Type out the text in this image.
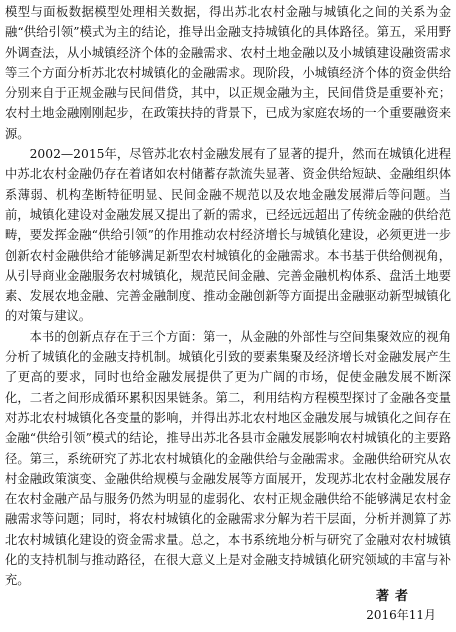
模型与面板数据模型处理相关数据，得出苏北农村金融与城镇化之间的关系为金融“供给引领”模式为主的结论，推导出金融支持城镇化的具体路径。第五，采用野外调查法，从小城镇经济个体的金融需求、农村土地金融以及小城镇建设融资需求等三个方面分析苏北农村城镇化的金融需求。现阶段，小城镇经济个体的资金供给分别来自于正规金融与民间借贷，其中，以正规金融为主，民间借贷是重要补充；农村土地金融刚刚起步，在政策扶持的背景下，已成为家庭农场的一个重要融资来源。

2002—2015年，尽管苏北农村金融发展有了显著的提升，然而在城镇化进程中苏北农村金融仍存在着诸如农村储蓄存款流失显著、资金供给短缺、金融组织体系薄弱、机构垄断特征明显、民间金融不规范以及农地金融发展滞后等问题。当前，城镇化建设对金融发展又提出了新的需求，已经远远超出了传统金融的供给范畴，要发挥金融“供给引领”的作用推动农村经济增长与城镇化建设，必须更进一步创新农村金融供给才能够满足新型农村城镇化的金融需求。本书基于供给侧视角，从引导商业金融服务农村城镇化，规范民间金融、完善金融机构体系、盘活土地要素、发展农地金融、完善金融制度、推动金融创新等方面提出金融驱动新型城镇化的对策与建议。

本书的创新点存在于三个方面：第一，从金融的外部性与空间集聚效应的视角分析了城镇化的金融支持机制。城镇化引致的要素集聚及经济增长对金融发展产生了更高的要求，同时也给金融发展提供了更为广阔的市场，促使金融发展不断深化，二者之间形成循环累积因果链条。第二，利用结构方程模型探讨了金融各变量对苏北农村城镇化各变量的影响，并得出苏北农村地区金融发展与城镇化之间存在金融“供给引领”模式的结论，推导出苏北各县市金融发展影响农村城镇化的主要路径。第三，系统研究了苏北农村城镇化的金融供给与金融需求。金融供给研究从农村金融政策演变、金融供给规模与金融发展等方面展开，发现苏北农村金融发展存在农村金融产品与服务仍然为明显的虚弱化、农村正规金融供给不能够满足农村金融需求等问题；同时，将农村城镇化的金融需求分解为若干层面，分析并测算了苏北农村城镇化建设的资金需求量。总之，本书系统地分析与研究了金融对农村城镇化的支持机制与推动路径，在很大意义上是对金融支持城镇化研究领域的丰富与补充。

著者
2016年11月
